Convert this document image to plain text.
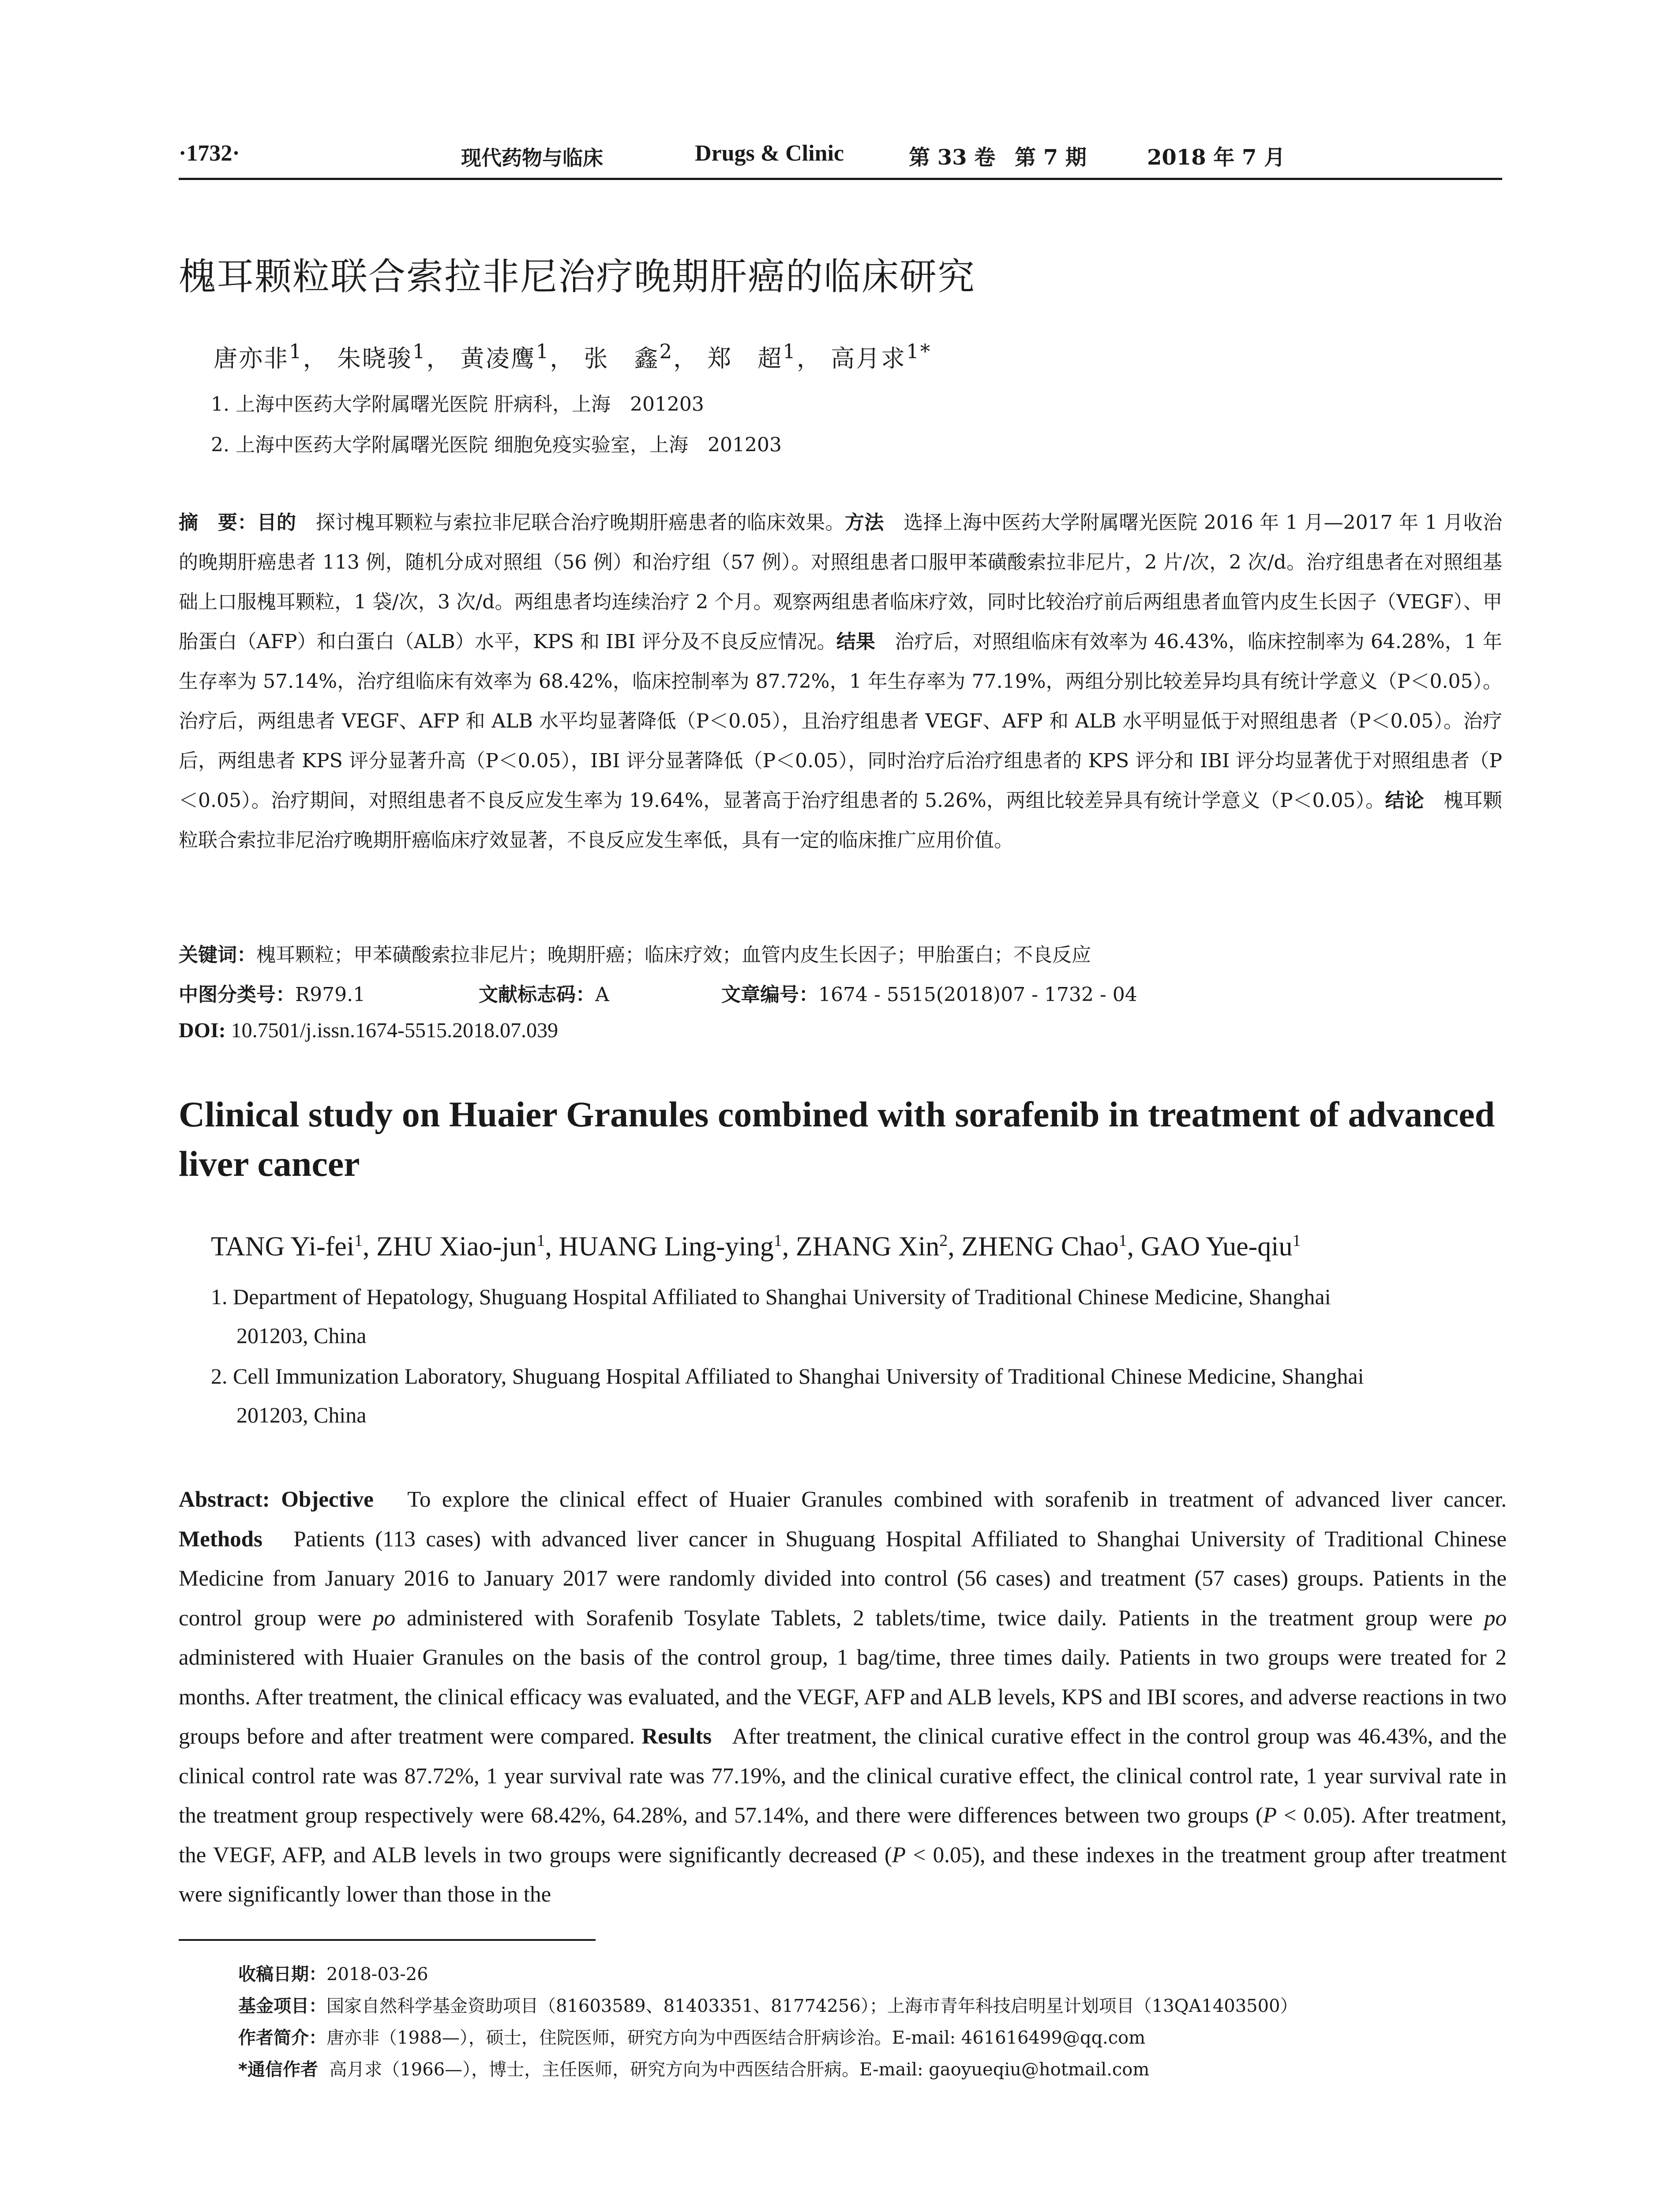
·1732·	现代药物与临床	Drugs & Clinic	第 33 卷 第 7 期	2018 年 7 月
槐耳颗粒联合索拉非尼治疗晚期肝癌的临床研究
唐亦非$^1$， 朱晓骏$^1$， 黄凌鹰$^1$， 张　鑫$^2$， 郑　超$^1$， 高月求$^{1*}$
1. 上海中医药大学附属曙光医院 肝病科，上海　201203
2. 上海中医药大学附属曙光医院 细胞免疫实验室，上海　201203
摘　要：目的　 探讨槐耳颗粒与索拉非尼联合治疗晚期肝癌患者的临床效果。方法　 选择上海中医药大学附属曙光医院 2016 年 1 月—2017 年 1 月收治的晚期肝癌患者 113 例，随机分成对照组（56 例）和治疗组（57 例）。对照组患者口服甲苯磺酸索拉非尼片，2 片/次，2 次/d。治疗组患者在对照组基础上口服槐耳颗粒，1 袋/次，3 次/d。两组患者均连续治疗 2 个月。观察两组患者临床疗效，同时比较治疗前后两组患者血管内皮生长因子（VEGF）、甲胎蛋白（AFP）和白蛋白（ALB）水平，KPS 和 IBI 评分及不良反应情况。结果　 治疗后，对照组临床有效率为 46.43%，临床控制率为 64.28%，1 年生存率为 57.14%，治疗组临床有效率为 68.42%，临床控制率为 87.72%，1 年生存率为 77.19%，两组分别比较差异均具有统计学意义（P＜0.05）。治疗后，两组患者 VEGF、AFP 和 ALB 水平均显著降低（P＜0.05），且治疗组患者 VEGF、AFP 和 ALB 水平明显低于对照组患者（P＜0.05）。治疗后，两组患者 KPS 评分显著升高（P＜0.05），IBI 评分显著降低（P＜0.05），同时治疗后治疗组患者的 KPS 评分和 IBI 评分均显著优于对照组患者（P＜0.05）。治疗期间，对照组患者不良反应发生率为 19.64%，显著高于治疗组患者的 5.26%，两组比较差异具有统计学意义（P＜0.05）。结论　 槐耳颗粒联合索拉非尼治疗晚期肝癌临床疗效显著，不良反应发生率低，具有一定的临床推广应用价值。
关键词：槐耳颗粒；甲苯磺酸索拉非尼片；晚期肝癌；临床疗效；血管内皮生长因子；甲胎蛋白；不良反应
中图分类号：R979.1	文献标志码：A	文章编号：1674 - 5515(2018)07 - 1732 - 04
DOI: 10.7501/j.issn.1674-5515.2018.07.039
Clinical study on Huaier Granules combined with sorafenib in treatment of advanced liver cancer
TANG Yi-fei$^1$, ZHU Xiao-jun$^1$, HUANG Ling-ying$^1$, ZHANG Xin$^2$, ZHENG Chao$^1$, GAO Yue-qiu$^1$
1. Department of Hepatology, Shuguang Hospital Affiliated to Shanghai University of Traditional Chinese Medicine, Shanghai
201203, China
2. Cell Immunization Laboratory, Shuguang Hospital Affiliated to Shanghai University of Traditional Chinese Medicine, Shanghai
201203, China
Abstract: Objective To explore the clinical effect of Huaier Granules combined with sorafenib in treatment of advanced liver cancer. Methods Patients (113 cases) with advanced liver cancer in Shuguang Hospital Affiliated to Shanghai University of Traditional Chinese Medicine from January 2016 to January 2017 were randomly divided into control (56 cases) and treatment (57 cases) groups. Patients in the control group were po administered with Sorafenib Tosylate Tablets, 2 tablets/time, twice daily. Patients in the treatment group were po administered with Huaier Granules on the basis of the control group, 1 bag/time, three times daily. Patients in two groups were treated for 2 months. After treatment, the clinical efficacy was evaluated, and the VEGF, AFP and ALB levels, KPS and IBI scores, and adverse reactions in two groups before and after treatment were compared. Results After treatment, the clinical curative effect in the control group was 46.43%, and the clinical control rate was 87.72%, 1 year survival rate was 77.19%, and the clinical curative effect, the clinical control rate, 1 year survival rate in the treatment group respectively were 68.42%, 64.28%, and 57.14%, and there were differences between two groups (P < 0.05). After treatment, the VEGF, AFP, and ALB levels in two groups were significantly decreased (P < 0.05), and these indexes in the treatment group after treatment were significantly lower than those in the
收稿日期：2018-03-26
基金项目：国家自然科学基金资助项目（81603589、81403351、81774256）；上海市青年科技启明星计划项目（13QA1403500）
作者简介：唐亦非（1988—），硕士，住院医师，研究方向为中西医结合肝病诊治。E-mail: 461616499@qq.com
*通信作者 高月求（1966—），博士，主任医师，研究方向为中西医结合肝病。E-mail: gaoyueqiu@hotmail.com
